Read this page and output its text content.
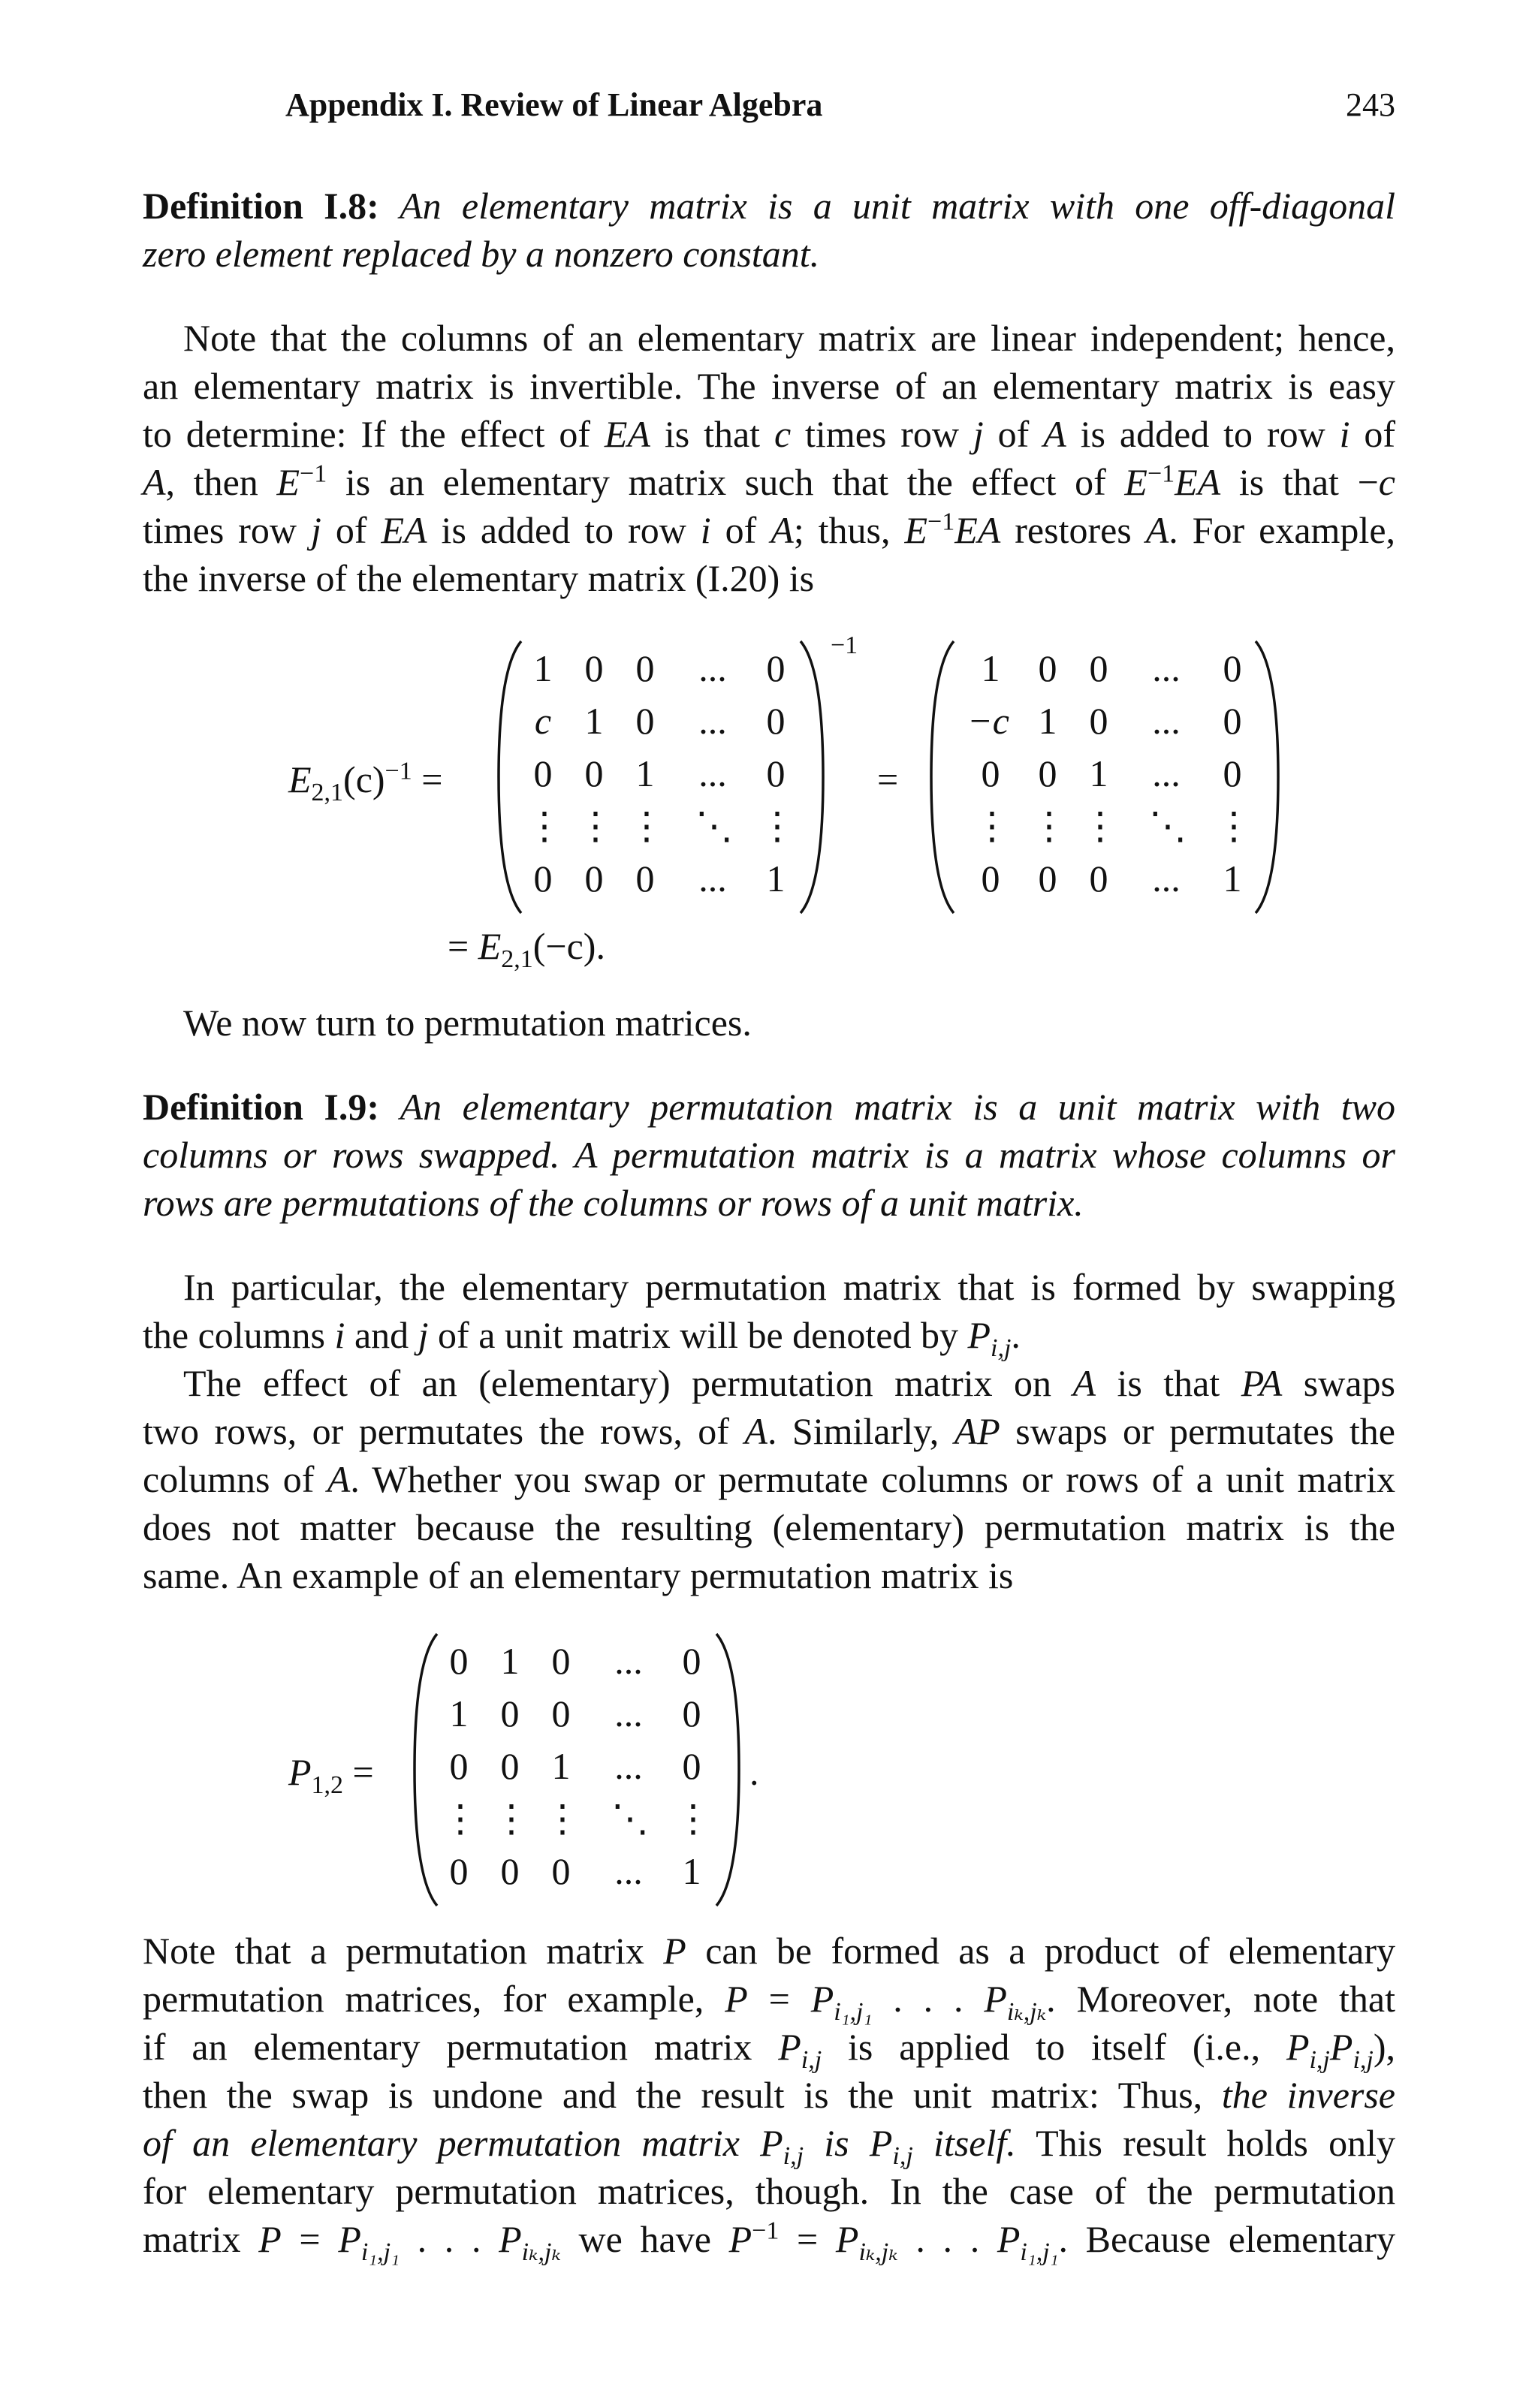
Appendix I. Review of Linear Algebra	243
Definition I.8: An elementary matrix is a unit matrix with one off-diagonal
zero element replaced by a nonzero constant.
Note that the columns of an elementary matrix are linear independent; hence,
an elementary matrix is invertible. The inverse of an elementary matrix is easy
to determine: If the effect of EA is that c times row j of A is added to row i of
A, then $E^{-1}$ is an elementary matrix such that the effect of $E^{-1}EA$ is that −c
times row j of EA is added to row i of A; thus, $E^{-1}EA$ restores A. For example,
the inverse of the elementary matrix (I.20) is
$E_{2,1}(c)^{-1}$ =
1 0 0 ... 0
c 1 0 ... 0
0 0 1 ... 0
⋮ ⋮ ⋮ ⋱ ⋮
0 0 0 ... 1
−1
=
1 0 0 ... 0
−c 1 0 ... 0
0 0 1 ... 0
⋮ ⋮ ⋮ ⋱ ⋮
0 0 0 ... 1
= $E_{2,1}(-c)$.
We now turn to permutation matrices.
Definition I.9: An elementary permutation matrix is a unit matrix with two
columns or rows swapped. A permutation matrix is a matrix whose columns or
rows are permutations of the columns or rows of a unit matrix.
In particular, the elementary permutation matrix that is formed by swapping
the columns i and j of a unit matrix will be denoted by $P_{i,j}$.
The effect of an (elementary) permutation matrix on A is that PA swaps
two rows, or permutates the rows, of A. Similarly, AP swaps or permutates the
columns of A. Whether you swap or permutate columns or rows of a unit matrix
does not matter because the resulting (elementary) permutation matrix is the
same. An example of an elementary permutation matrix is
$P_{1,2}$ =
0 1 0 ... 0
1 0 0 ... 0
0 0 1 ... 0
⋮ ⋮ ⋮ ⋱ ⋮
0 0 0 ... 1
.
Note that a permutation matrix P can be formed as a product of elementary
permutation matrices, for example, $P = P_{i_1,j_1}$ . . . $P_{i_k,j_k}$. Moreover, note that
if an elementary permutation matrix $P_{i,j}$ is applied to itself (i.e., $P_{i,j}P_{i,j}$),
then the swap is undone and the result is the unit matrix: Thus, the inverse
of an elementary permutation matrix $P_{i,j}$ is $P_{i,j}$ itself. This result holds only
for elementary permutation matrices, though. In the case of the permutation
matrix $P = P_{i_1,j_1}$ . . . $P_{i_k,j_k}$ we have $P^{-1} = P_{i_k,j_k}$ . . . $P_{i_1,j_1}$. Because elementary
